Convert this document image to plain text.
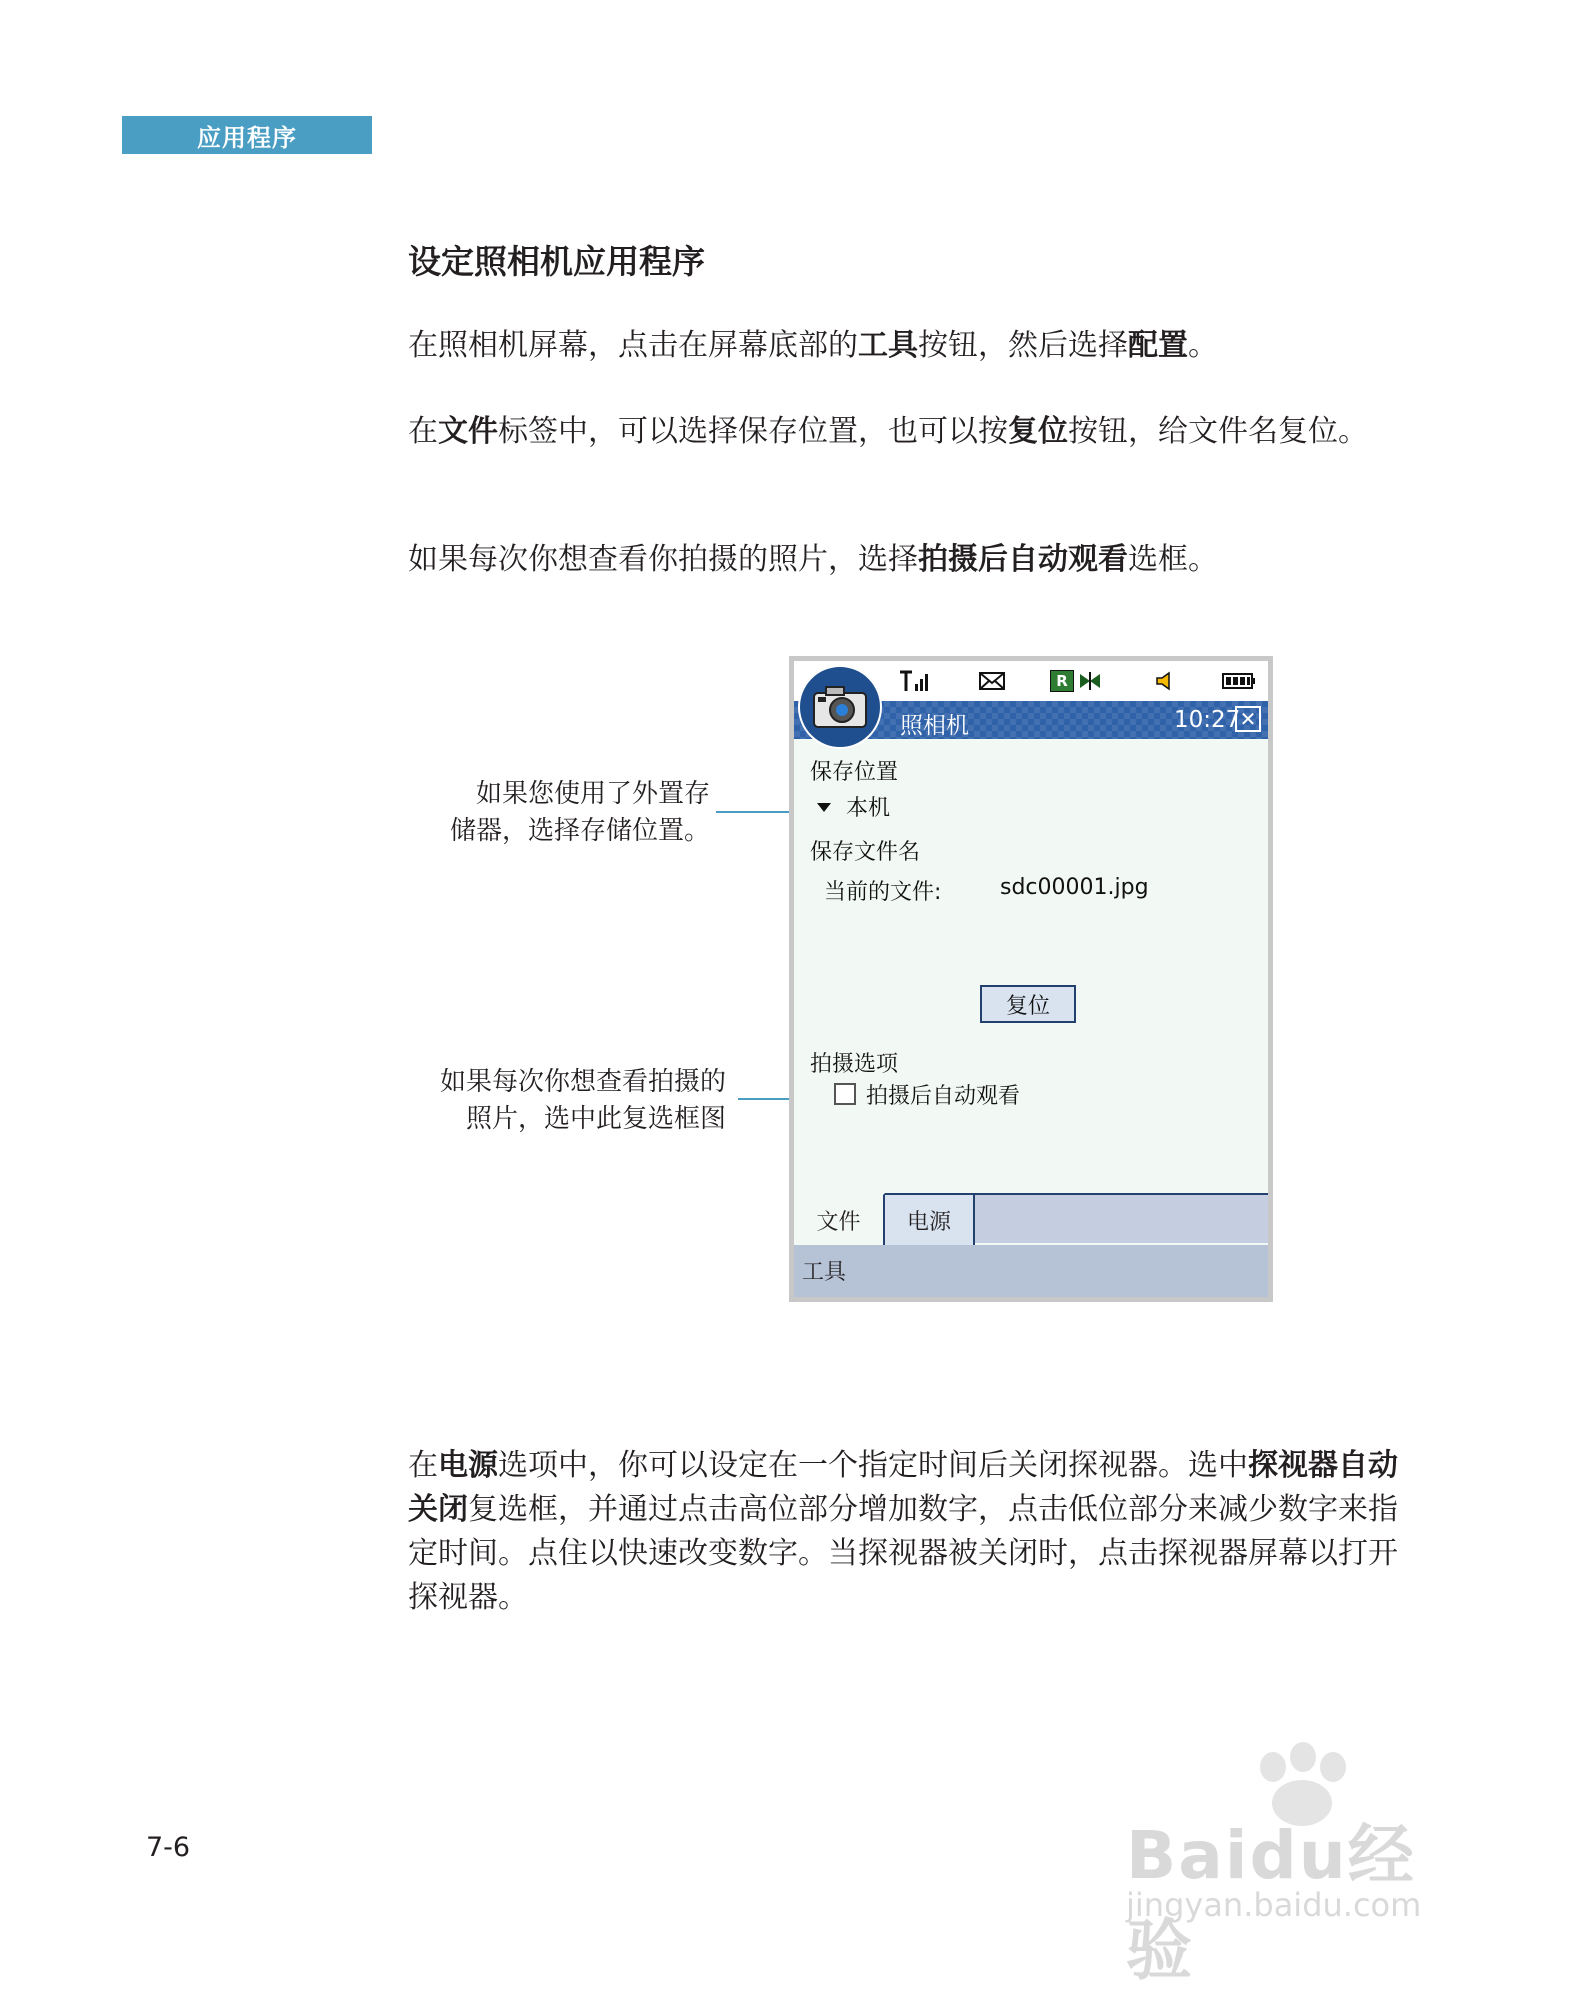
应用程序
设定照相机应用程序

在照相机屏幕，点击在屏幕底部的工具按钮，然后选择配置。

在文件标签中，可以选择保存位置，也可以按复位按钮，给文件名复位。

如果每次你想查看你拍摄的照片，选择拍摄后自动观看选框。

如果您使用了外置存
储器，选择存储位置。
如果每次你想查看拍摄的
照片，选中此复选框图
R
照相机	10:27 ✕
保存位置
本机
保存文件名
当前的文件:	sdc00001.jpg
复位
拍摄选项
拍摄后自动观看
文件	电源
工具

在电源选项中，你可以设定在一个指定时间后关闭探视器。选中探视器自动关闭复选框，并通过点击高位部分增加数字，点击低位部分来减少数字来指定时间。点住以快速改变数字。当探视器被关闭时，点击探视器屏幕以打开探视器。

7-6	Baidu经验
jingyan.baidu.com
